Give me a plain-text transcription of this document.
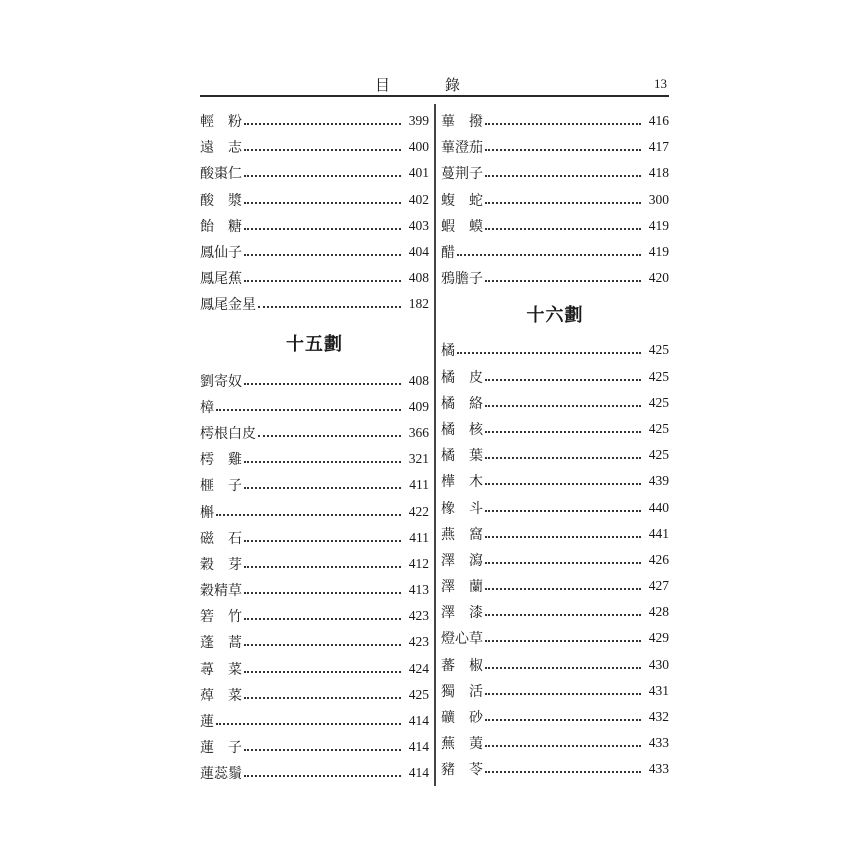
目	錄	13
輕　粉	399
遠　志	400
酸棗仁	401
酸　漿	402
飴　糖	403
鳳仙子	404
鳳尾蕉	408
鳳尾金星	182
十五劃
劉寄奴	408
樟	409
樗根白皮	366
樗　雞	321
榧　子	411
槲	422
磁　石	411
穀　芽	412
穀精草	413
箬　竹	423
蓬　蒿	423
蕁　菜	424
蔊　菜	425
蓮	414
蓮　子	414
蓮蕊鬚	414
蓽　撥	416
蓽澄茄	417
蔓荆子	418
蝮　蛇	300
蝦　蟆	419
醋	419
鴉膽子	420
十六劃
橘	425
橘　皮	425
橘　絡	425
橘　核	425
橘　葉	425
樺　木	439
橡　斗	440
燕　窩	441
澤　瀉	426
澤　蘭	427
澤　漆	428
燈心草	429
蕃　椒	430
獨　活	431
礦　砂	432
蕪　荑	433
豬　苓	433
